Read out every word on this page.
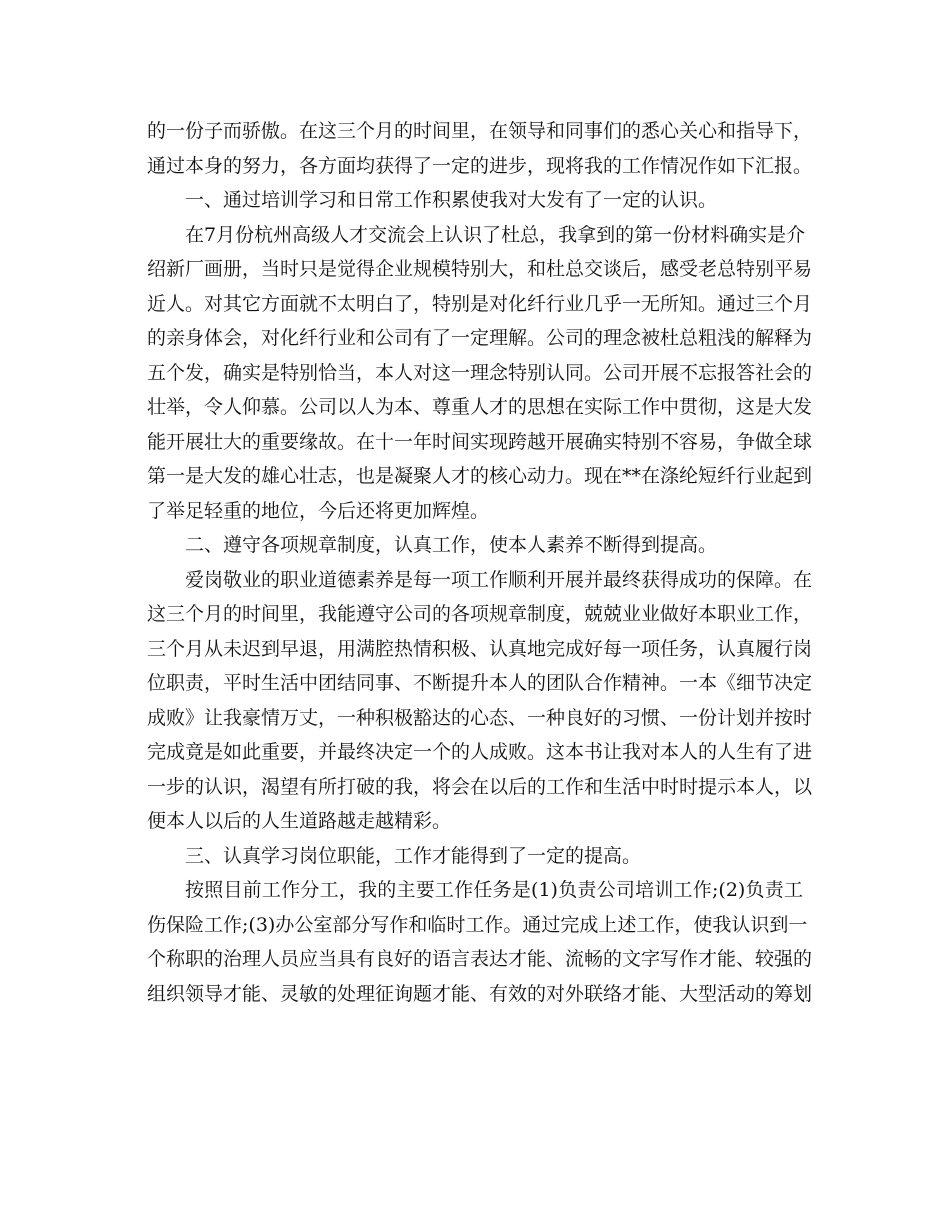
的一份子而骄傲。在这三个月的时间里，在领导和同事们的悉心关心和指导下，
通过本身的努力，各方面均获得了一定的进步，现将我的工作情况作如下汇报。
一、通过培训学习和日常工作积累使我对大发有了一定的认识。
在7月份杭州高级人才交流会上认识了杜总，我拿到的第一份材料确实是介
绍新厂画册，当时只是觉得企业规模特别大，和杜总交谈后，感受老总特别平易
近人。对其它方面就不太明白了，特别是对化纤行业几乎一无所知。通过三个月
的亲身体会，对化纤行业和公司有了一定理解。公司的理念被杜总粗浅的解释为
五个发，确实是特别恰当，本人对这一理念特别认同。公司开展不忘报答社会的
壮举，令人仰慕。公司以人为本、尊重人才的思想在实际工作中贯彻，这是大发
能开展壮大的重要缘故。在十一年时间实现跨越开展确实特别不容易，争做全球
第一是大发的雄心壮志，也是凝聚人才的核心动力。现在**在涤纶短纤行业起到
了举足轻重的地位，今后还将更加辉煌。
二、遵守各项规章制度，认真工作，使本人素养不断得到提高。
爱岗敬业的职业道德素养是每一项工作顺利开展并最终获得成功的保障。在
这三个月的时间里，我能遵守公司的各项规章制度，兢兢业业做好本职业工作，
三个月从未迟到早退，用满腔热情积极、认真地完成好每一项任务，认真履行岗
位职责，平时生活中团结同事、不断提升本人的团队合作精神。一本《细节决定
成败》让我豪情万丈，一种积极豁达的心态、一种良好的习惯、一份计划并按时
完成竟是如此重要，并最终决定一个的人成败。这本书让我对本人的人生有了进
一步的认识，渴望有所打破的我，将会在以后的工作和生活中时时提示本人，以
便本人以后的人生道路越走越精彩。
三、认真学习岗位职能，工作才能得到了一定的提高。
按照目前工作分工，我的主要工作任务是(1)负责公司培训工作;(2)负责工
伤保险工作;(3)办公室部分写作和临时工作。通过完成上述工作，使我认识到一
个称职的治理人员应当具有良好的语言表达才能、流畅的文字写作才能、较强的
组织领导才能、灵敏的处理征询题才能、有效的对外联络才能、大型活动的筹划
